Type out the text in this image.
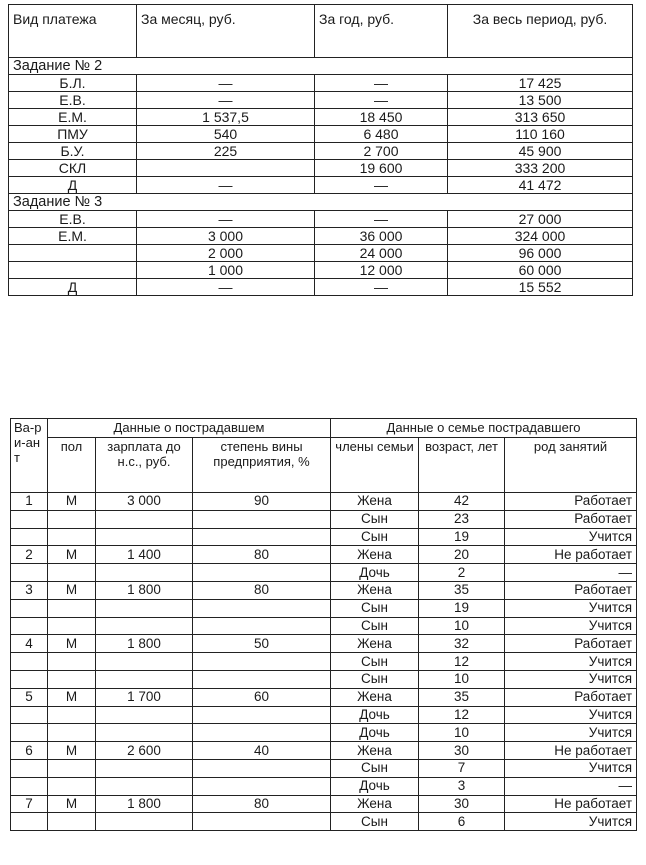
Вид платежа	За месяц, руб.	За год, руб.	За весь период, руб.
Задание № 2			
Б.Л.	—	—	17 425
Е.В.	—	—	13 500
Е.М.	1 537,5	18 450	313 650
ПМУ	540	6 480	110 160
Б.У.	225	2 700	45 900
СКЛ		19 600	333 200
Д	—	—	41 472
Задание № 3			
Е.В.	—	—	27 000
Е.М.	3 000	36 000	324 000
	2 000	24 000	96 000
	1 000	12 000	60 000
Д	—	—	15 552
Ва-ри-ант	Данные о пострадавшем			Данные о семье пострадавшего		
	пол	зарплата до н.с., руб.	степень вины предприятия, %	члены семьи	возраст, лет	род занятий
1	М	3 000	90	Жена	42	Работает
				Сын	23	Работает
				Сын	19	Учится
2	М	1 400	80	Жена	20	Не работает
				Дочь	2	—
3	М	1 800	80	Жена	35	Работает
				Сын	19	Учится
				Сын	10	Учится
4	М	1 800	50	Жена	32	Работает
				Сын	12	Учится
				Сын	10	Учится
5	М	1 700	60	Жена	35	Работает
				Дочь	12	Учится
				Дочь	10	Учится
6	М	2 600	40	Жена	30	Не работает
				Сын	7	Учится
				Дочь	3	—
7	М	1 800	80	Жена	30	Не работает
				Сын	6	Учится
